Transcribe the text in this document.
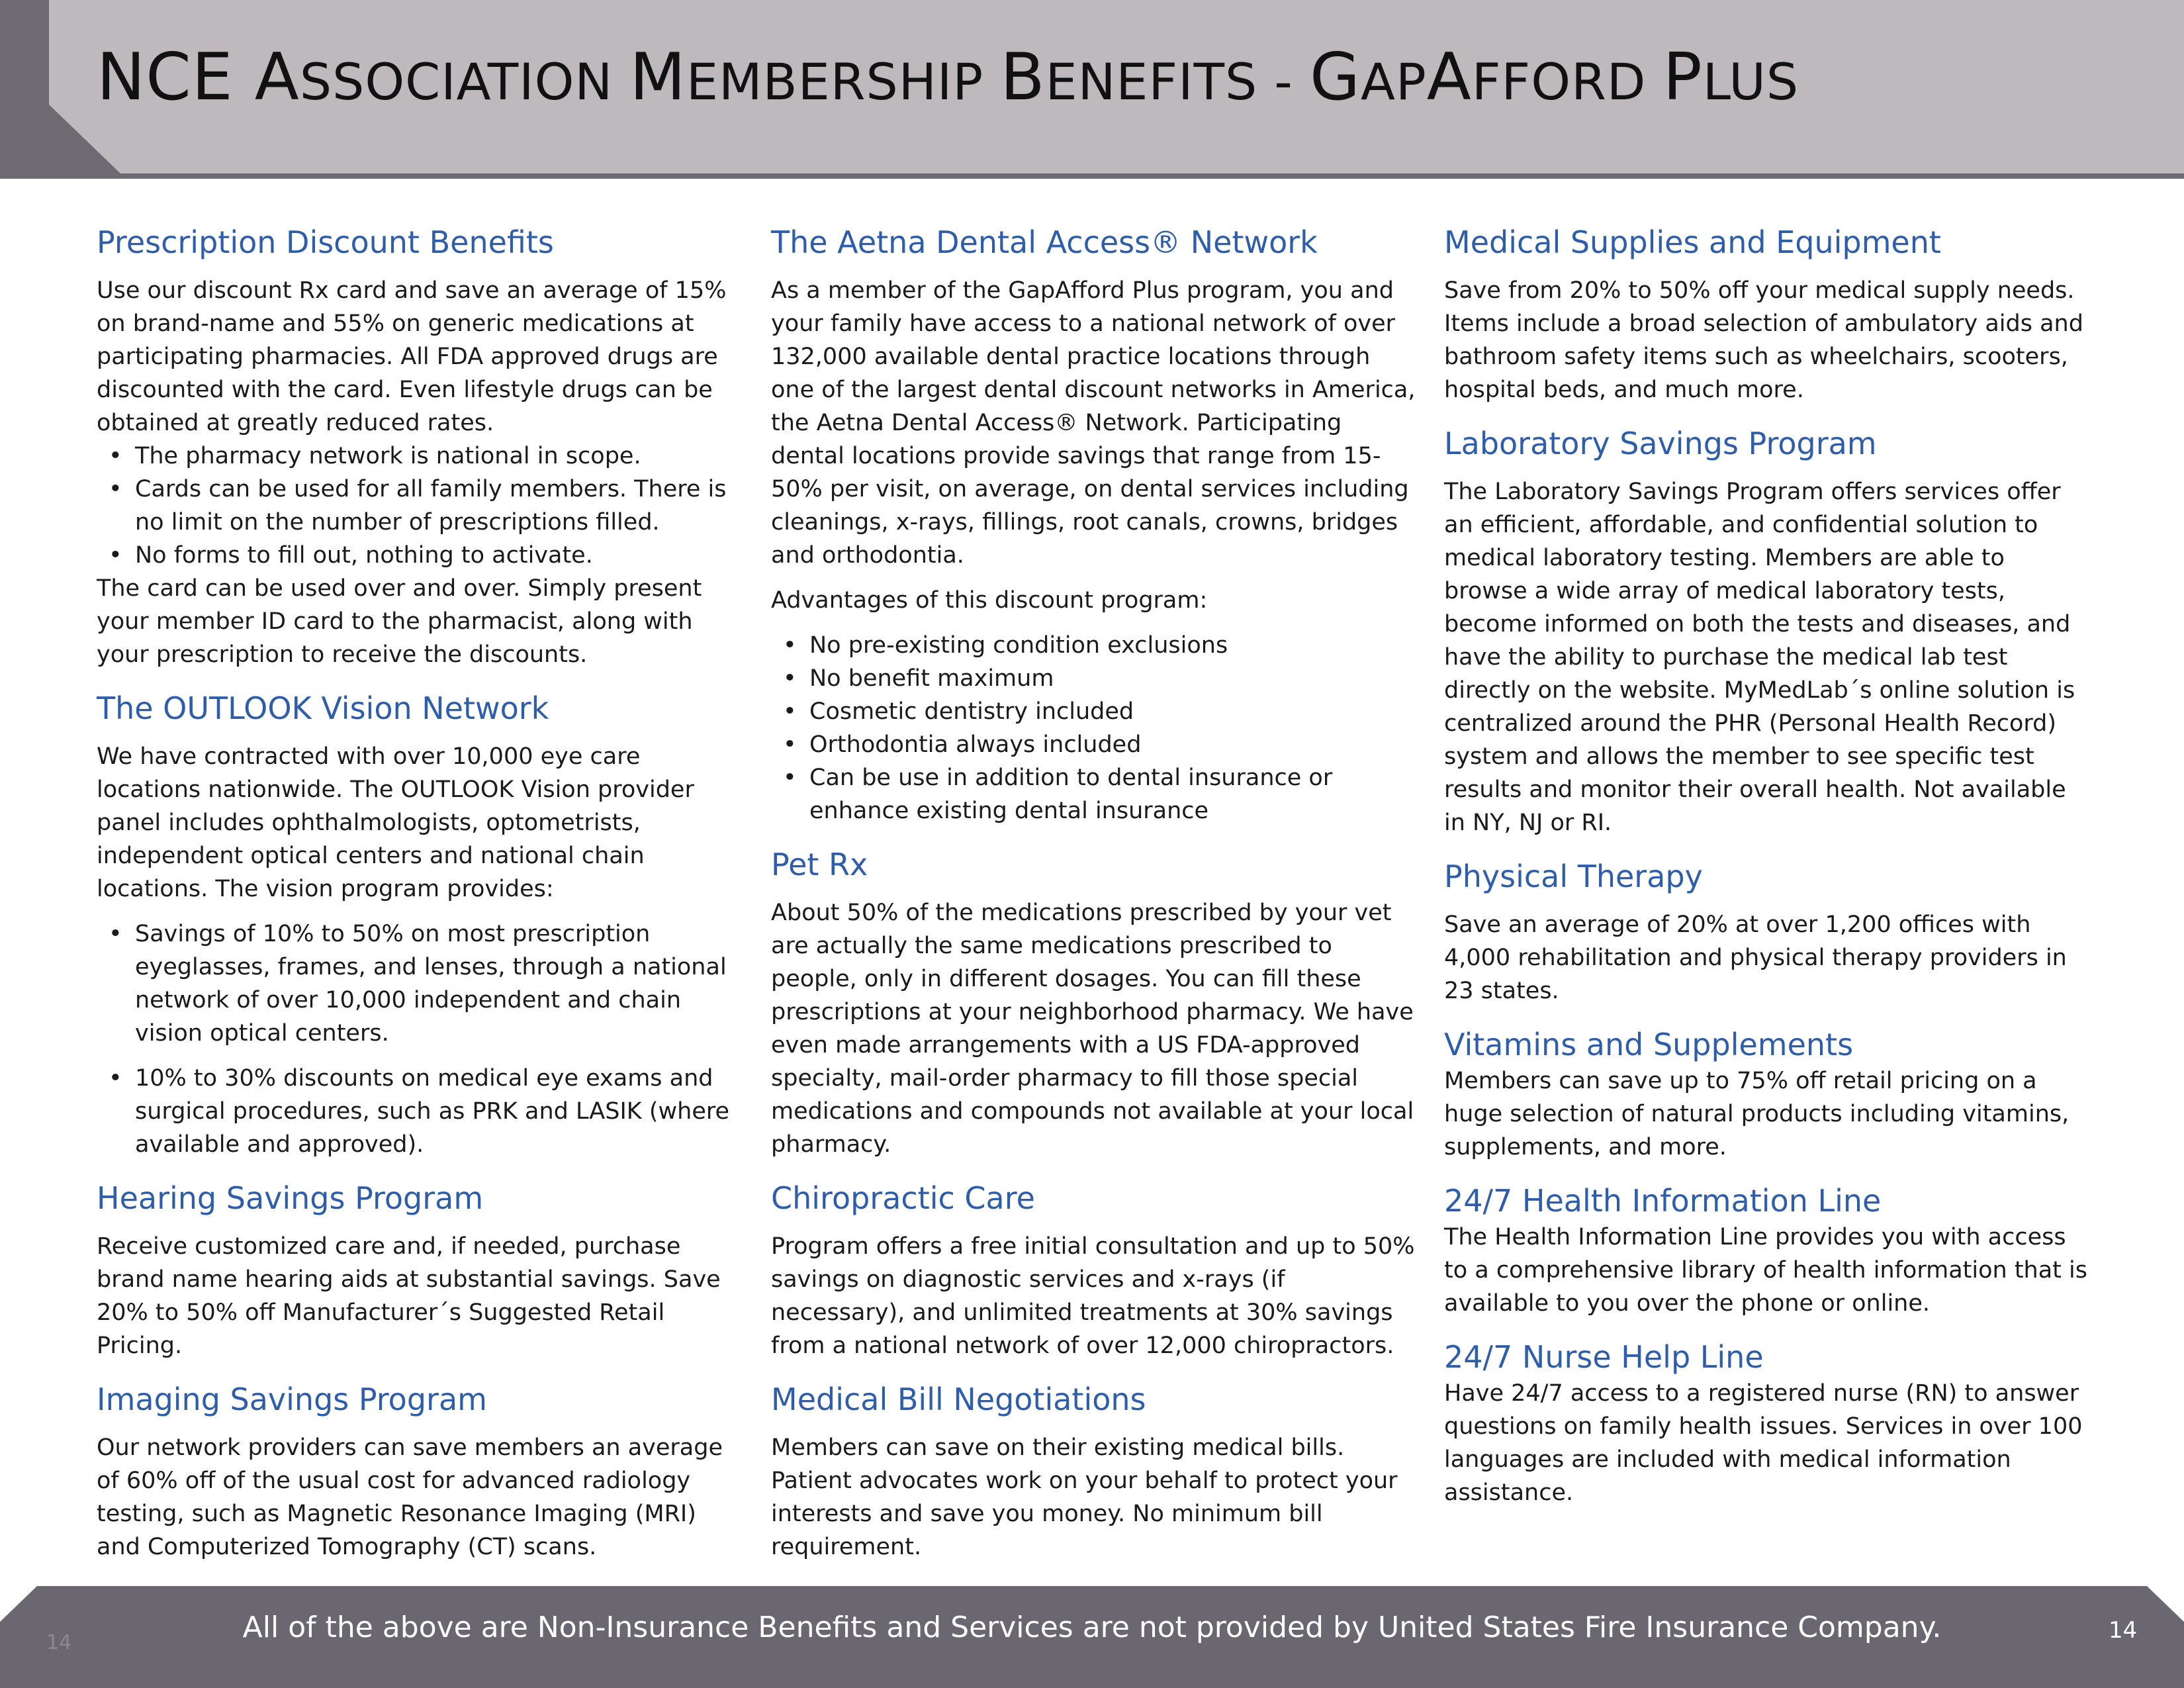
NCE ASSOCIATION MEMBERSHIP BENEFITS - GAPAFFORD PLUS
Prescription Discount Benefits

Use our discount Rx card and save an average of 15% on brand-name and 55% on generic medications at participating pharmacies. All FDA approved drugs are discounted with the card. Even lifestyle drugs can be obtained at greatly reduced rates.

• The pharmacy network is national in scope.
• Cards can be used for all family members. There is no limit on the number of prescriptions filled.
• No forms to fill out, nothing to activate.

The card can be used over and over. Simply present your member ID card to the pharmacist, along with your prescription to receive the discounts.

The OUTLOOK Vision Network

We have contracted with over 10,000 eye care locations nationwide. The OUTLOOK Vision provider panel includes ophthalmologists, optometrists, independent optical centers and national chain locations. The vision program provides:

• Savings of 10% to 50% on most prescription eyeglasses, frames, and lenses, through a national network of over 10,000 independent and chain vision optical centers.
• 10% to 30% discounts on medical eye exams and surgical procedures, such as PRK and LASIK (where available and approved).
Hearing Savings Program

Receive customized care and, if needed, purchase brand name hearing aids at substantial savings. Save 20% to 50% off Manufacturer´s Suggested Retail Pricing.

Imaging Savings Program

Our network providers can save members an average of 60% off of the usual cost for advanced radiology testing, such as Magnetic Resonance Imaging (MRI) and Computerized Tomography (CT) scans.

The Aetna Dental Access® Network

As a member of the GapAfford Plus program, you and your family have access to a national network of over 132,000 available dental practice locations through one of the largest dental discount networks in America, the Aetna Dental Access® Network. Participating dental locations provide savings that range from 15-50% per visit, on average, on dental services including cleanings, x-rays, fillings, root canals, crowns, bridges and orthodontia.

Advantages of this discount program:

• No pre-existing condition exclusions
• No benefit maximum
• Cosmetic dentistry included
• Orthodontia always included
• Can be use in addition to dental insurance or enhance existing dental insurance
Pet Rx

About 50% of the medications prescribed by your vet are actually the same medications prescribed to people, only in different dosages. You can fill these prescriptions at your neighborhood pharmacy. We have even made arrangements with a US FDA-approved specialty, mail-order pharmacy to fill those special medications and compounds not available at your local pharmacy.

Chiropractic Care

Program offers a free initial consultation and up to 50% savings on diagnostic services and x-rays (if necessary), and unlimited treatments at 30% savings from a national network of over 12,000 chiropractors.

Medical Bill Negotiations

Members can save on their existing medical bills. Patient advocates work on your behalf to protect your interests and save you money. No minimum bill requirement.

Medical Supplies and Equipment

Save from 20% to 50% off your medical supply needs. Items include a broad selection of ambulatory aids and bathroom safety items such as wheelchairs, scooters, hospital beds, and much more.

Laboratory Savings Program

The Laboratory Savings Program offers services offer an efficient, affordable, and confidential solution to medical laboratory testing. Members are able to browse a wide array of medical laboratory tests, become informed on both the tests and diseases, and have the ability to purchase the medical lab test directly on the website. MyMedLab´s online solution is centralized around the PHR (Personal Health Record) system and allows the member to see specific test results and monitor their overall health. Not available in NY, NJ or RI.

Physical Therapy

Save an average of 20% at over 1,200 offices with 4,000 rehabilitation and physical therapy providers in 23 states.

Vitamins and Supplements

Members can save up to 75% off retail pricing on a huge selection of natural products including vitamins, supplements, and more.

24/7 Health Information Line

The Health Information Line provides you with access to a comprehensive library of health information that is available to you over the phone or online.

24/7 Nurse Help Line

Have 24/7 access to a registered nurse (RN) to answer questions on family health issues. Services in over 100 languages are included with medical information assistance.

14	All of the above are Non-Insurance Benefits and Services are not provided by United States Fire Insurance Company.	14
